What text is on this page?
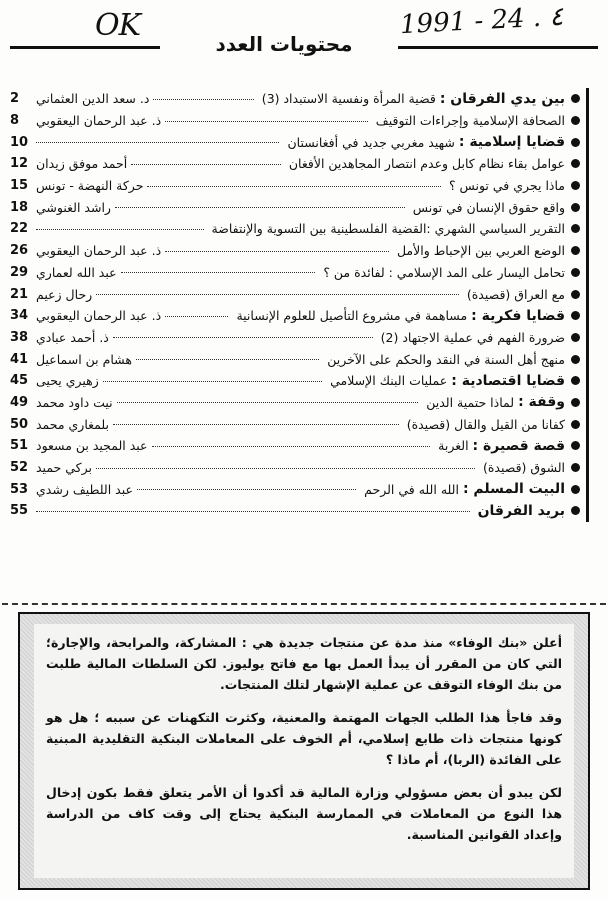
OK	1991 - 24 . ٤
محتويات العدد
بين يدي الفرقان :
قضية المرأة ونفسية الاستبداد (3)
د. سعد الدين العثماني
2
الصحافة الإسلامية وإجراءات التوقيف
ذ. عبد الرحمان اليعقوبي
8
قضايا إسلامية :
شهيد مغربي جديد في أفغانستان
10
عوامل بقاء نظام كابل وعدم انتصار المجاهدين الأفغان
أحمد موفق زيدان
12
ماذا يجري في تونس ؟
حركة النهضة - تونس
15
واقع حقوق الإنسان في تونس
راشد الغنوشي
18
التقرير السياسي الشهري :القضية الفلسطينية بين التسوية والإنتفاضة
22
الوضع العربي بين الإحباط والأمل
ذ. عبد الرحمان اليعقوبي
26
تحامل اليسار على المد الإسلامي : لفائدة من ؟
عبد الله لعماري
29
مع العراق (قصيدة)
رحال زعيم
21
قضايا فكرية :
مساهمة في مشروع التأصيل للعلوم الإنسانية
ذ. عبد الرحمان اليعقوبي
34
ضرورة الفهم في عملية الاجتهاد (2)
ذ. أحمد عبادي
38
منهج أهل السنة في النقد والحكم على الآخرين
هشام بن اسماعيل
41
قضايا اقتصادية :
عمليات البنك الإسلامي
زهيري يحيى
45
وقفة :
لماذا حتمية الدين
نيت داود محمد
49
كفانا من القيل والقال (قصيدة)
بلمغاري محمد
50
قصة قصيرة :
الغربة
عبد المجيد بن مسعود
51
الشوق (قصيدة)
بركي حميد
52
البيت المسلم :
الله الله في الرحم
عبد اللطيف رشدي
53
بريد الفرقان
55

أعلن «بنك الوفاء» منذ مدة عن منتجات جديدة هي : المشاركة، والمرابحة، والإجارة؛ التي كان من المقرر أن يبدأ العمل بها مع فاتح يوليوز. لكن السلطات المالية طلبت من بنك الوفاء التوقف عن عملية الإشهار لتلك المنتجات.

وقد فاجأ هذا الطلب الجهات المهتمة والمعنية، وكثرت التكهنات عن سببه ؛ هل هو كونها منتجات ذات طابع إسلامي، أم الخوف على المعاملات البنكية التقليدية المبنية على الفائدة (الربا)، أم ماذا ؟

لكن يبدو أن بعض مسؤولي وزارة المالية قد أكدوا أن الأمر يتعلق فقط بكون إدخال هذا النوع من المعاملات في الممارسة البنكية يحتاج إلى وقت كاف من الدراسة وإعداد القوانين المناسبة.
